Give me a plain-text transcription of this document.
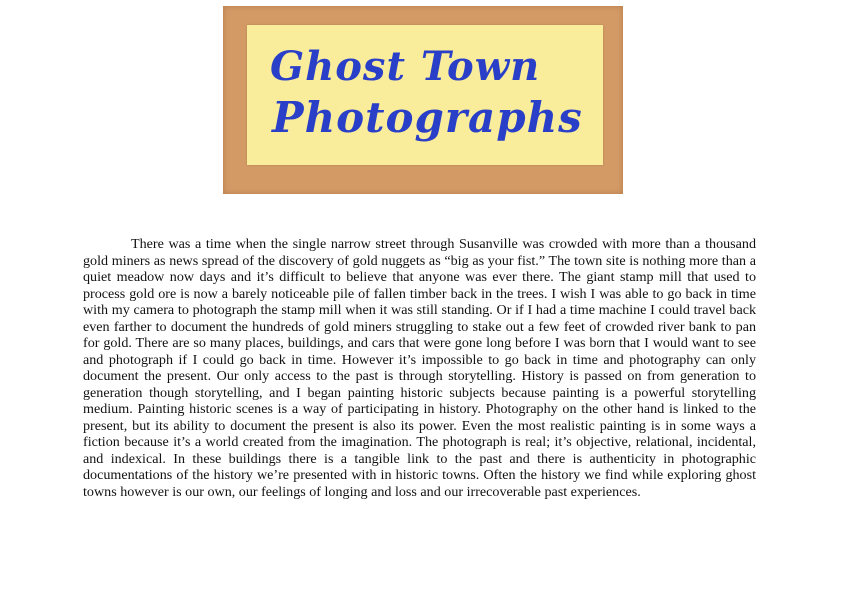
Ghost Town
Photographs

There was a time when the single narrow street through Susanville was crowded with more than a thousand gold miners as news spread of the discovery of gold nuggets as “big as your fist.” The town site is nothing more than a quiet meadow now days and it’s difficult to believe that anyone was ever there. The giant stamp mill that used to process gold ore is now a barely noticeable pile of fallen timber back in the trees. I wish I was able to go back in time with my camera to photograph the stamp mill when it was still standing. Or if I had a time machine I could travel back even farther to document the hundreds of gold miners struggling to stake out a few feet of crowded river bank to pan for gold. There are so many places, buildings, and cars that were gone long before I was born that I would want to see and photograph if I could go back in time. However it’s impossible to go back in time and photography can only document the present. Our only access to the past is through storytelling. History is passed on from generation to generation though storytelling, and I began painting historic subjects because painting is a powerful storytelling medium. Painting historic scenes is a way of participating in history. Photography on the other hand is linked to the present, but its ability to document the present is also its power. Even the most realistic painting is in some ways a fiction because it’s a world created from the imagination. The photograph is real; it’s objective, relational, incidental, and indexical. In these buildings there is a tangible link to the past and there is authenticity in photographic documentations of the history we’re presented with in historic towns. Often the history we find while exploring ghost towns however is our own, our feelings of longing and loss and our irrecoverable past experiences.
